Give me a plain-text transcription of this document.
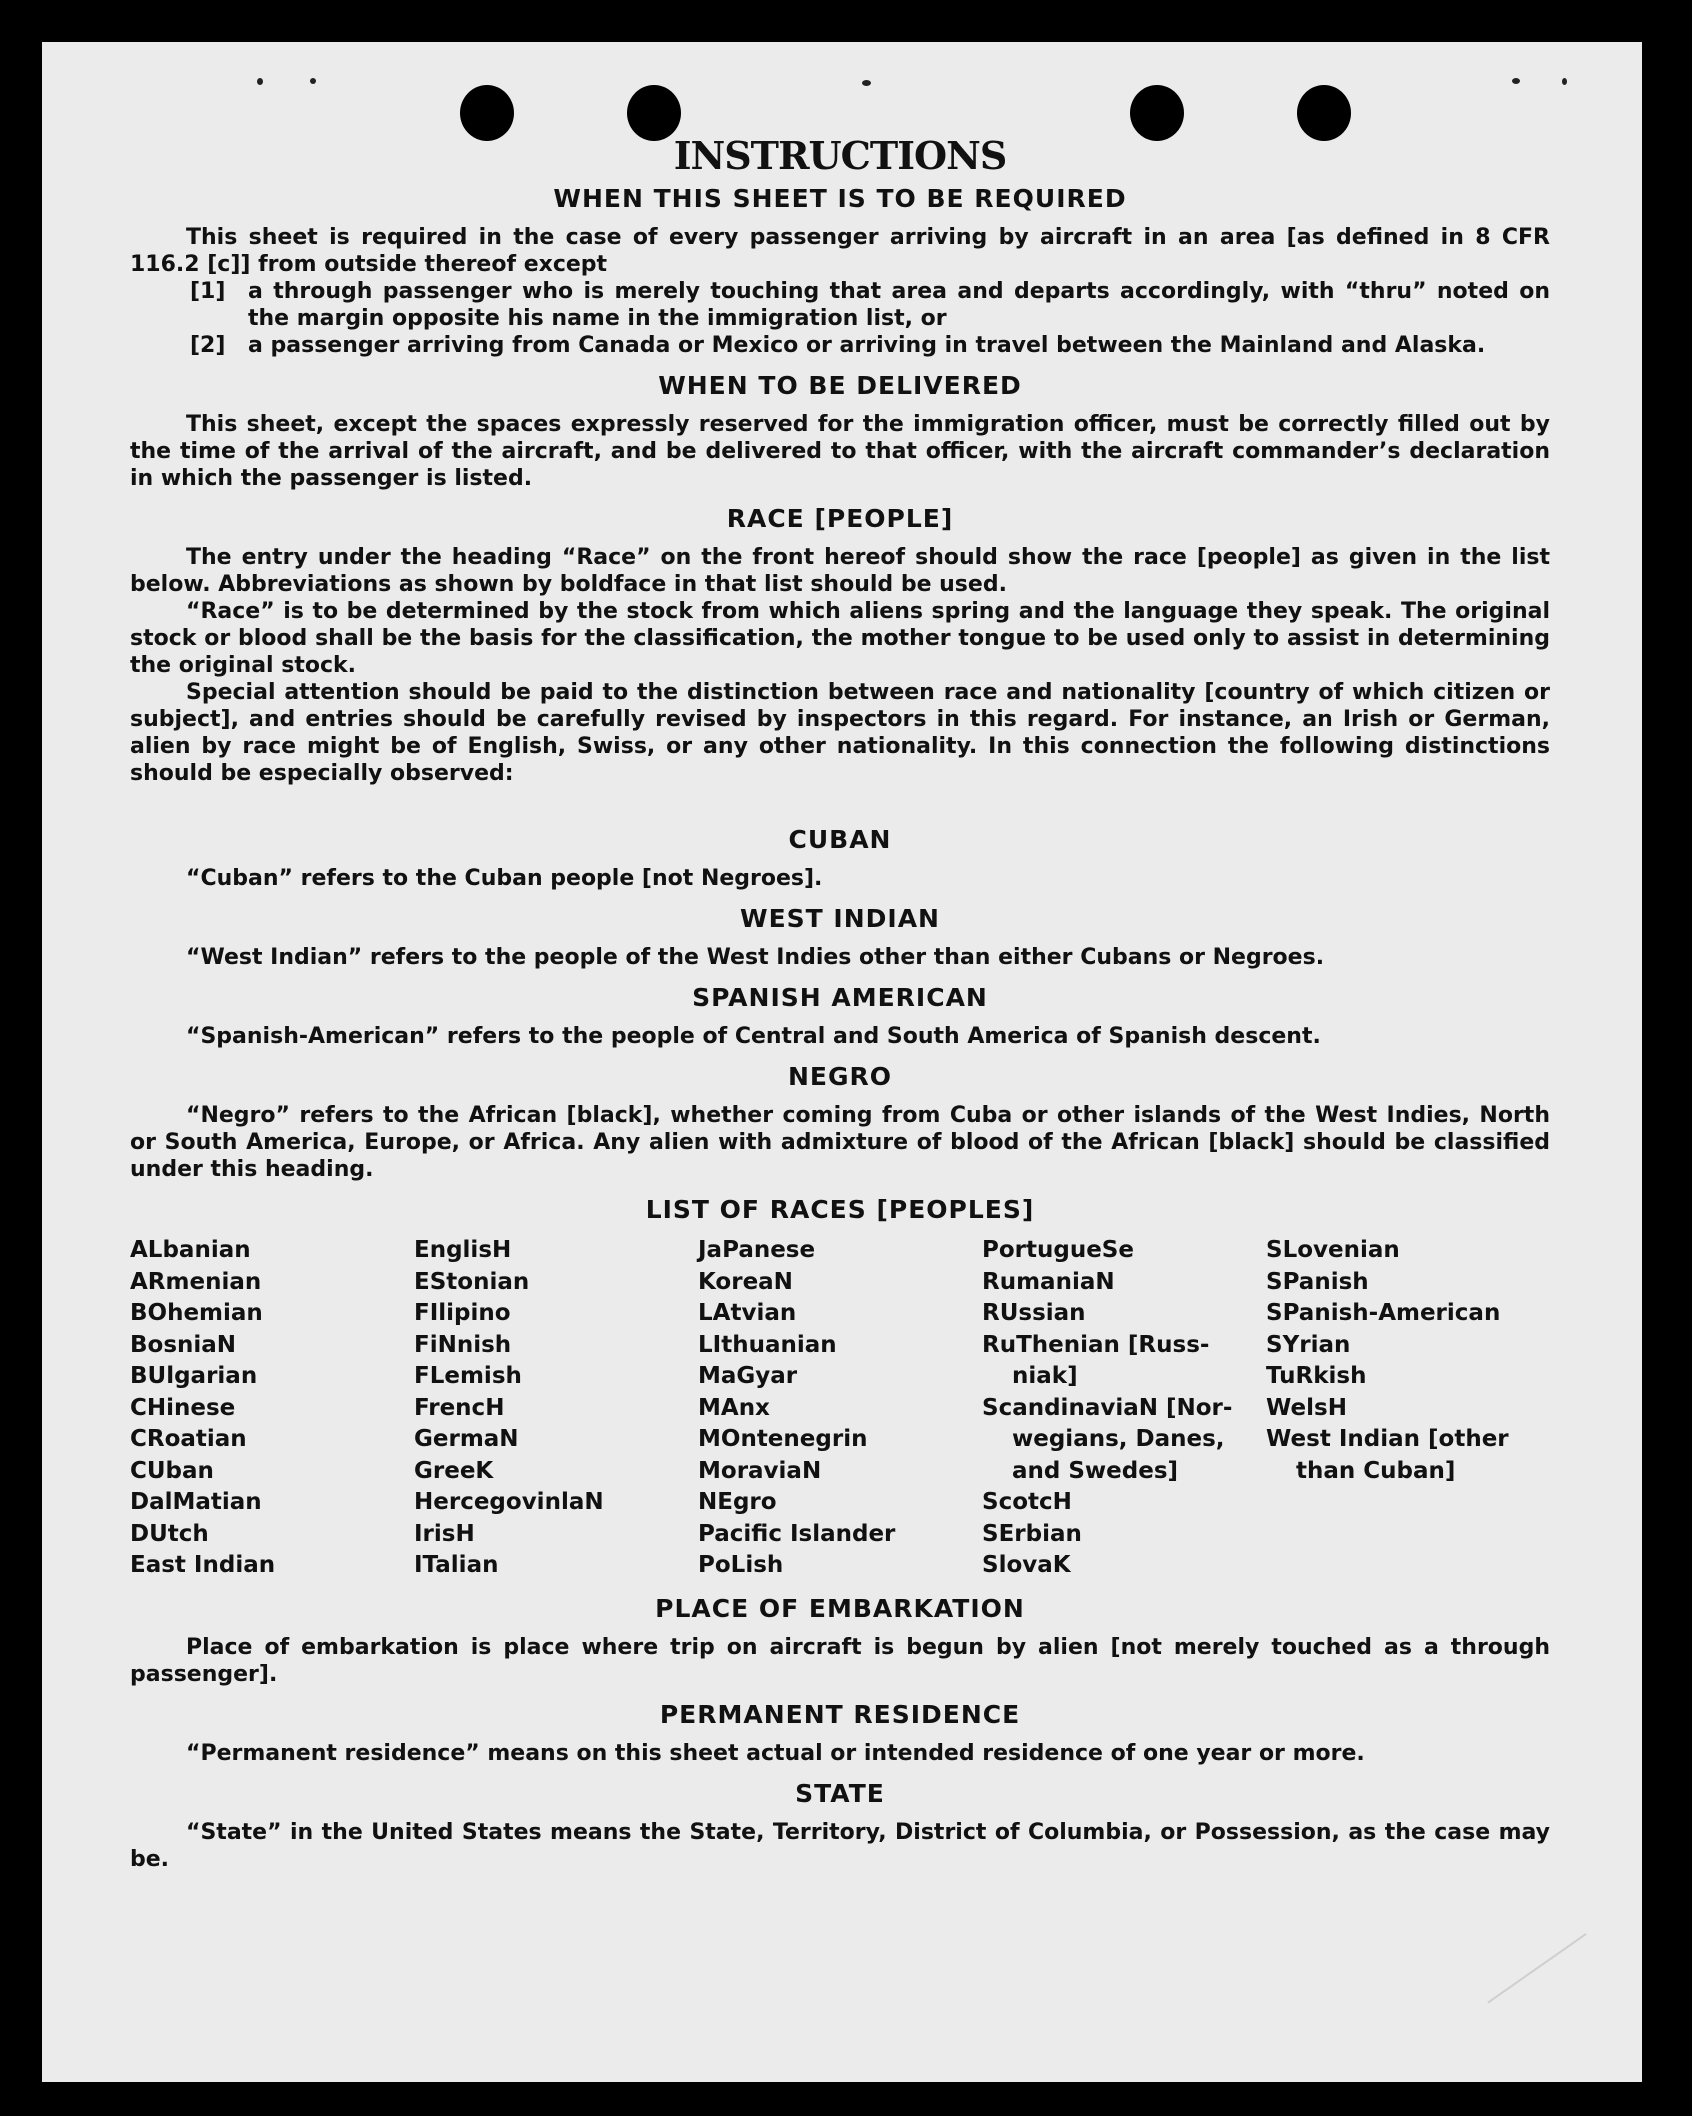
INSTRUCTIONS
WHEN THIS SHEET IS TO BE REQUIRED

This sheet is required in the case of every passenger arriving by aircraft in an area [as defined in 8 CFR 116.2 [c]] from outside thereof except

[1]	a through passenger who is merely touching that area and departs accordingly, with “thru” noted on the margin opposite his name in the immigration list, or
[2]	a passenger arriving from Canada or Mexico or arriving in travel between the Mainland and Alaska.
WHEN TO BE DELIVERED

This sheet, except the spaces expressly reserved for the immigration officer, must be correctly filled out by the time of the arrival of the aircraft, and be delivered to that officer, with the aircraft commander’s declaration in which the passenger is listed.

RACE [PEOPLE]

The entry under the heading “Race” on the front hereof should show the race [people] as given in the list below. Abbreviations as shown by boldface in that list should be used.

“Race” is to be determined by the stock from which aliens spring and the language they speak. The original stock or blood shall be the basis for the classification, the mother tongue to be used only to assist in determining the original stock.

Special attention should be paid to the distinction between race and nationality [country of which citizen or subject], and entries should be carefully revised by inspectors in this regard. For instance, an Irish or German, alien by race might be of English, Swiss, or any other nationality. In this connection the following distinctions should be especially observed:

CUBAN

“Cuban” refers to the Cuban people [not Negroes].

WEST INDIAN

“West Indian” refers to the people of the West Indies other than either Cubans or Negroes.

SPANISH AMERICAN

“Spanish-American” refers to the people of Central and South America of Spanish descent.

NEGRO

“Negro” refers to the African [black], whether coming from Cuba or other islands of the West Indies, North or South America, Europe, or Africa. Any alien with admixture of blood of the African [black] should be classified under this heading.

LIST OF RACES [PEOPLES]
ALbanian
ARmenian
BOhemian
BosniaN
BUlgarian
CHinese
CRoatian
CUban
DalMatian
DUtch
East Indian
EnglisH
EStonian
FIlipino
FiNnish
FLemish
FrencH
GermaN
GreeK
HercegovinlaN
IrisH
ITalian
JaPanese
KoreaN
LAtvian
LIthuanian
MaGyar
MAnx
MOntenegrin
MoraviaN
NEgro
Pacific Islander
PoLish
PortugueSe
RumaniaN
RUssian
RuThenian [Russ-
niak]
ScandinaviaN [Nor-
wegians, Danes,
and Swedes]
ScotcH
SErbian
SlovaK
SLovenian
SPanish
SPanish-American
SYrian
TuRkish
WelsH
West Indian [other
than Cuban]
PLACE OF EMBARKATION

Place of embarkation is place where trip on aircraft is begun by alien [not merely touched as a through passenger].

PERMANENT RESIDENCE

“Permanent residence” means on this sheet actual or intended residence of one year or more.

STATE

“State” in the United States means the State, Territory, District of Columbia, or Possession, as the case may be.
